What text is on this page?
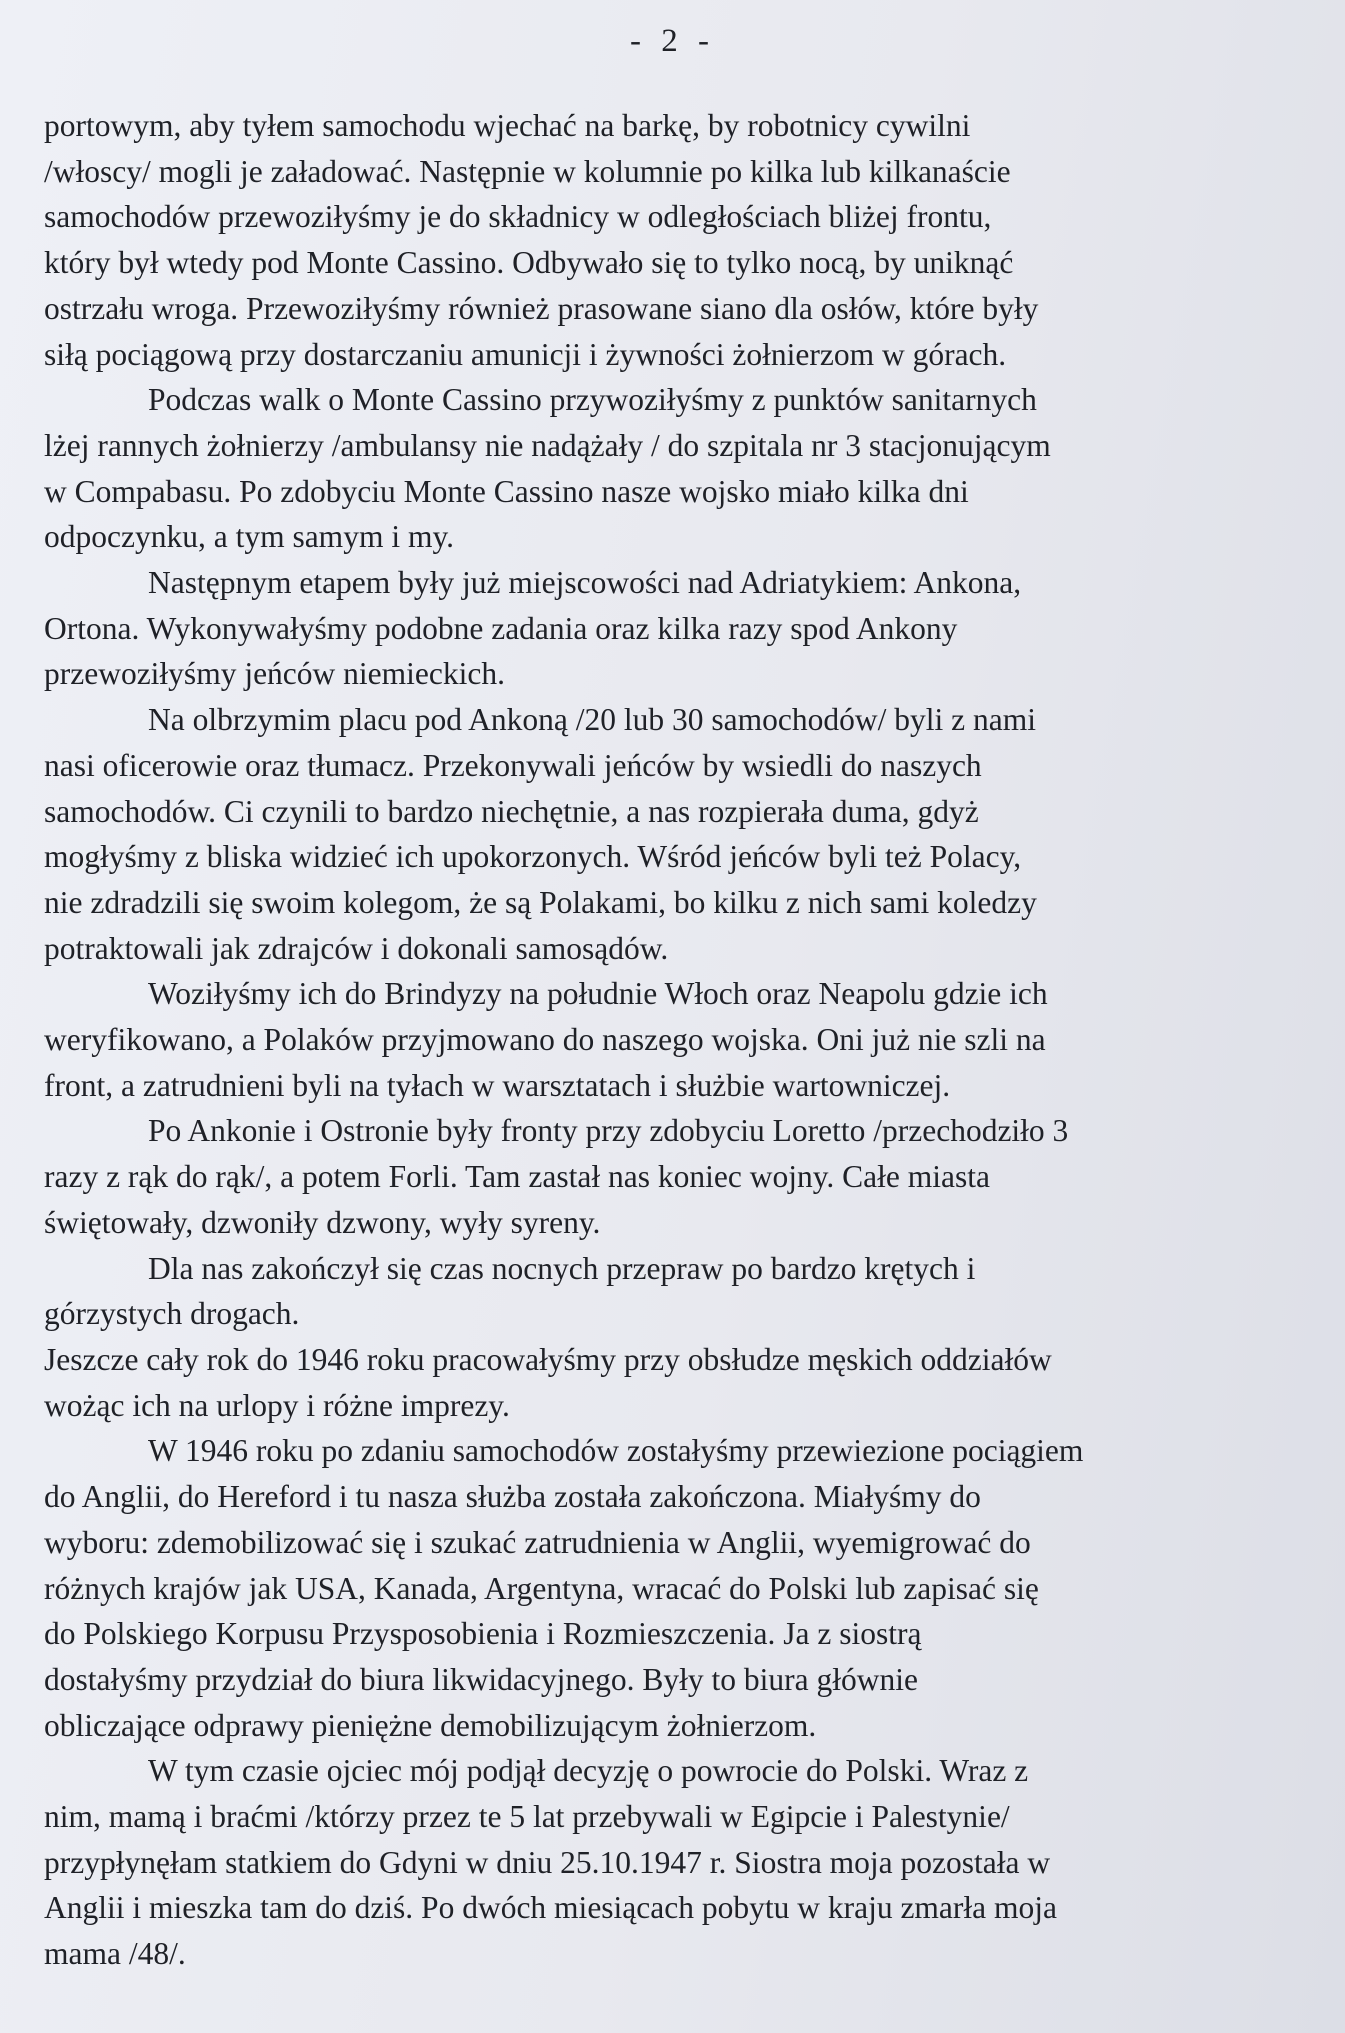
- 2 -
portowym, aby tyłem samochodu wjechać na barkę, by robotnicy cywilni
/włoscy/ mogli je załadować. Następnie w kolumnie po kilka lub kilkanaście
samochodów przewoziłyśmy je do składnicy w odległościach bliżej frontu,
który był wtedy pod Monte Cassino. Odbywało się to tylko nocą, by uniknąć
ostrzału wroga. Przewoziłyśmy również prasowane siano dla osłów, które były
siłą pociągową przy dostarczaniu amunicji i żywności żołnierzom w górach.
Podczas walk o Monte Cassino przywoziłyśmy z punktów sanitarnych
lżej rannych żołnierzy /ambulansy nie nadążały / do szpitala nr 3 stacjonującym
w Compabasu. Po zdobyciu Monte Cassino nasze wojsko miało kilka dni
odpoczynku, a tym samym i my.
Następnym etapem były już miejscowości nad Adriatykiem: Ankona,
Ortona. Wykonywałyśmy podobne zadania oraz kilka razy spod Ankony
przewoziłyśmy jeńców niemieckich.
Na olbrzymim placu pod Ankoną /20 lub 30 samochodów/ byli z nami
nasi oficerowie oraz tłumacz. Przekonywali jeńców by wsiedli do naszych
samochodów. Ci czynili to bardzo niechętnie, a nas rozpierała duma, gdyż
mogłyśmy z bliska widzieć ich upokorzonych. Wśród jeńców byli też Polacy,
nie zdradzili się swoim kolegom, że są Polakami, bo kilku z nich sami koledzy
potraktowali jak zdrajców i dokonali samosądów.
Woziłyśmy ich do Brindyzy na południe Włoch oraz Neapolu gdzie ich
weryfikowano, a Polaków przyjmowano do naszego wojska. Oni już nie szli na
front, a zatrudnieni byli na tyłach w warsztatach i służbie wartowniczej.
Po Ankonie i Ostronie były fronty przy zdobyciu Loretto /przechodziło 3
razy z rąk do rąk/, a potem Forli. Tam zastał nas koniec wojny. Całe miasta
świętowały, dzwoniły dzwony, wyły syreny.
Dla nas zakończył się czas nocnych przepraw po bardzo krętych i
górzystych drogach.
Jeszcze cały rok do 1946 roku pracowałyśmy przy obsłudze męskich oddziałów
wożąc ich na urlopy i różne imprezy.
W 1946 roku po zdaniu samochodów zostałyśmy przewiezione pociągiem
do Anglii, do Hereford i tu nasza służba została zakończona. Miałyśmy do
wyboru: zdemobilizować się i szukać zatrudnienia w Anglii, wyemigrować do
różnych krajów jak USA, Kanada, Argentyna, wracać do Polski lub zapisać się
do Polskiego Korpusu Przysposobienia i Rozmieszczenia. Ja z siostrą
dostałyśmy przydział do biura likwidacyjnego. Były to biura głównie
obliczające odprawy pieniężne demobilizującym żołnierzom.
W tym czasie ojciec mój podjął decyzję o powrocie do Polski. Wraz z
nim, mamą i braćmi /którzy przez te 5 lat przebywali w Egipcie i Palestynie/
przypłynęłam statkiem do Gdyni w dniu 25.10.1947 r. Siostra moja pozostała w
Anglii i mieszka tam do dziś. Po dwóch miesiącach pobytu w kraju zmarła moja
mama /48/.
